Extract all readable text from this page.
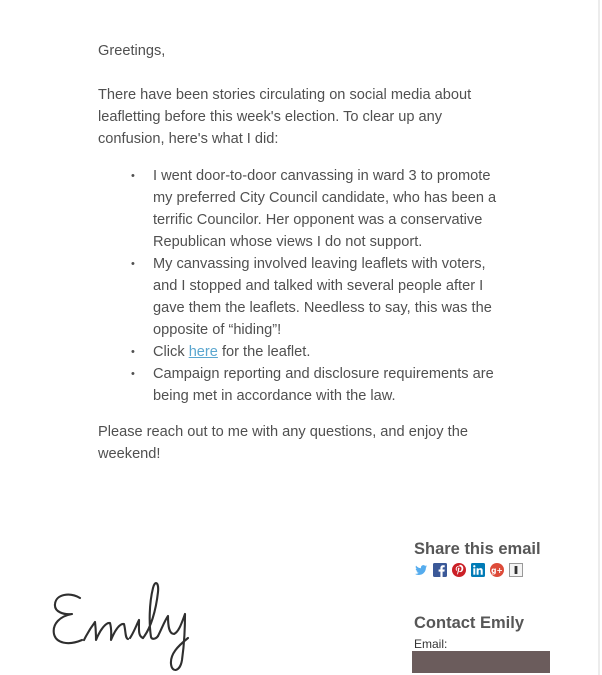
Greetings,

There have been stories circulating on social media about leafletting before this week's election. To clear up any confusion, here's what I did:

• I went door-to-door canvassing in ward 3 to promote my preferred City Council candidate, who has been a terrific Councilor. Her opponent was a conservative Republican whose views I do not support.
• My canvassing involved leaving leaflets with voters, and I stopped and talked with several people after I gave them the leaflets. Needless to say, this was the opposite of “hiding”!
• Click here for the leaflet.
• Campaign reporting and disclosure requirements are being met in accordance with the law.

Please reach out to me with any questions, and enjoy the weekend!

Share this email
g+
Contact Emily
Email:
